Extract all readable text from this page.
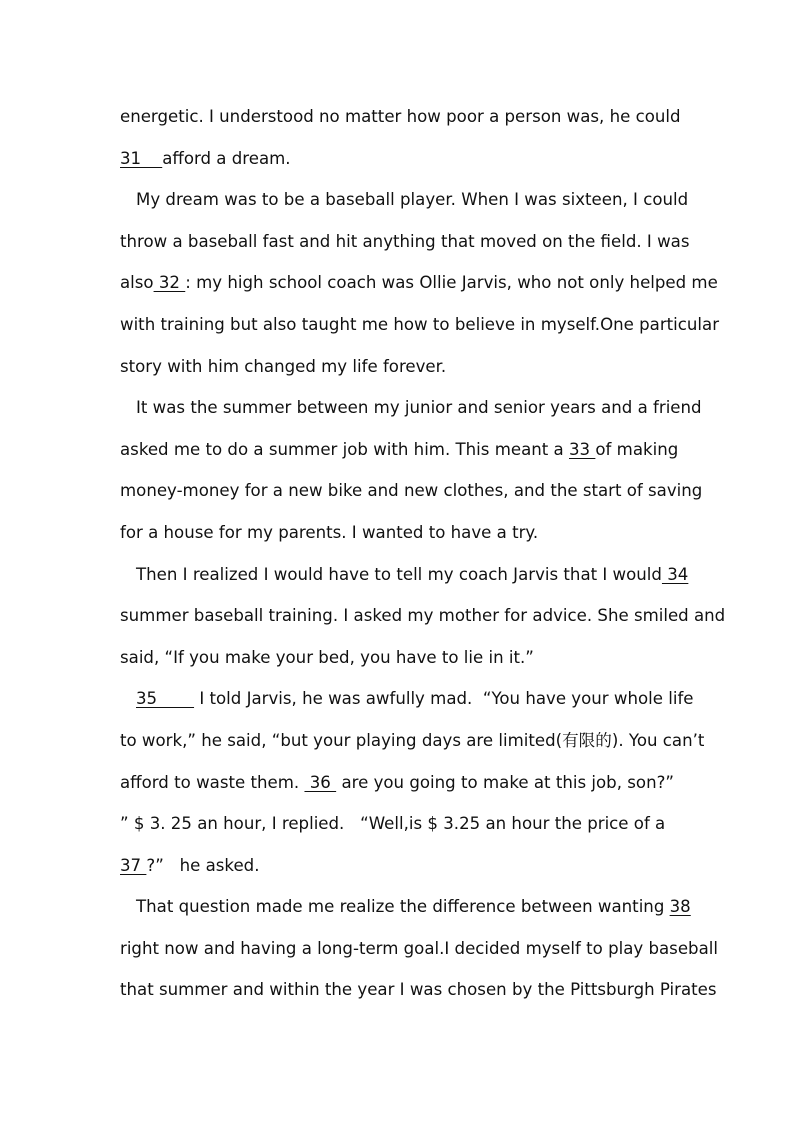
energetic. I understood no matter how poor a person was, he could
31    afford a dream.
My dream was to be a baseball player. When I was sixteen, I could
throw a baseball fast and hit anything that moved on the field. I was
also 32 : my high school coach was Ollie Jarvis, who not only helped me
with training but also taught me how to believe in myself.One particular
story with him changed my life forever.
It was the summer between my junior and senior years and a friend
asked me to do a summer job with him. This meant a 33 of making
money-money for a new bike and new clothes, and the start of saving
for a house for my parents. I wanted to have a try.
Then I realized I would have to tell my coach Jarvis that I would 34
summer baseball training. I asked my mother for advice. She smiled and
said, “If you make your bed, you have to lie in it.”
35        I told Jarvis, he was awfully mad.  “You have your whole life
to work,” he said, “but your playing days are limited(有限的). You can’t
afford to waste them.  36  are you going to make at this job, son?”
” $ 3. 25 an hour, I replied.   “Well,is $ 3.25 an hour the price of a
37 ?”   he asked.
That question made me realize the difference between wanting 38
right now and having a long-term goal.I decided myself to play baseball
that summer and within the year I was chosen by the Pittsburgh Pirates
